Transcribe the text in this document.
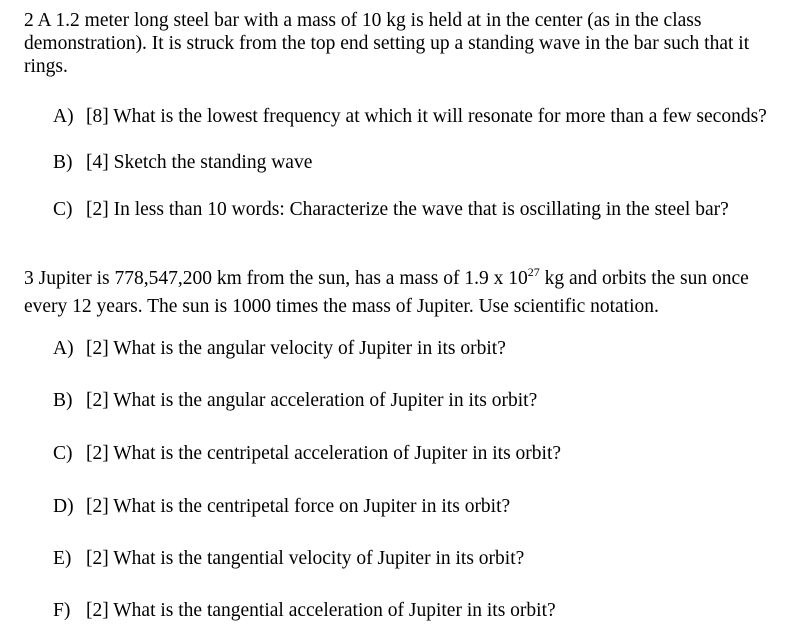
2 A 1.2 meter long steel bar with a mass of 10 kg is held at in the center (as in the class demonstration). It is struck from the top end setting up a standing wave in the bar such that it rings.

A) [8] What is the lowest frequency at which it will resonate for more than a few seconds?

B) [4] Sketch the standing wave

C) [2] In less than 10 words: Characterize the wave that is oscillating in the steel bar?

3 Jupiter is 778,547,200 km from the sun, has a mass of 1.9 x $10^{27}$ kg and orbits the sun once every 12 years. The sun is 1000 times the mass of Jupiter. Use scientific notation.

A) [2] What is the angular velocity of Jupiter in its orbit?

B) [2] What is the angular acceleration of Jupiter in its orbit?

C) [2] What is the centripetal acceleration of Jupiter in its orbit?

D) [2] What is the centripetal force on Jupiter in its orbit?

E) [2] What is the tangential velocity of Jupiter in its orbit?

F) [2] What is the tangential acceleration of Jupiter in its orbit?
